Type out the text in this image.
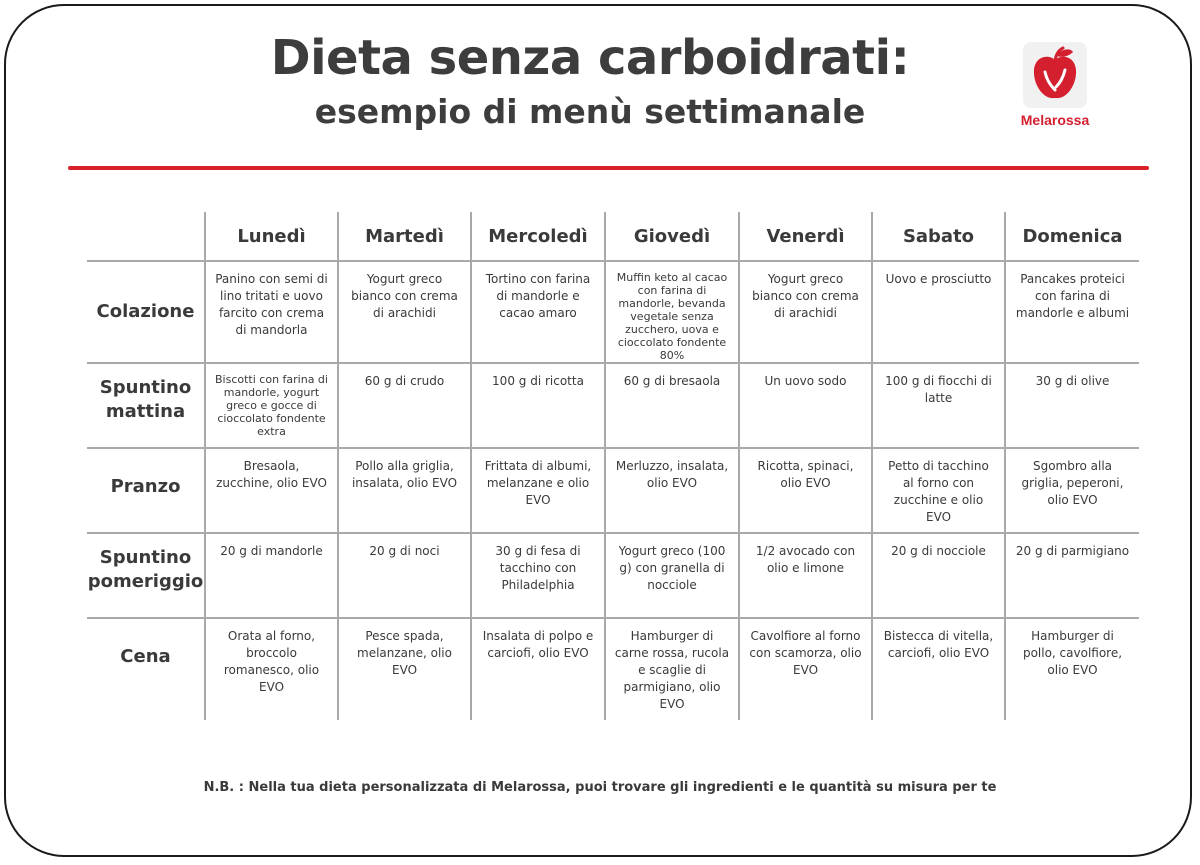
Dieta senza carboidrati:
esempio di menù settimanale	Melarossa
	Lunedì	Martedì	Mercoledì	Giovedì	Venerdì	Sabato	Domenica

Colazione	Panino con semi di lino tritati e uovo farcito con crema di mandorla	Yogurt greco bianco con crema di arachidi	Tortino con farina di mandorle e cacao amaro	Muffin keto al cacao con farina di mandorle, bevanda vegetale senza zucchero, uova e cioccolato fondente 80%	Yogurt greco bianco con crema di arachidi	Uovo e prosciutto	Pancakes proteici con farina di mandorle e albumi

Spuntino mattina	Biscotti con farina di mandorle, yogurt greco e gocce di cioccolato fondente extra	60 g di crudo	100 g di ricotta	60 g di bresaola	Un uovo sodo	100 g di fiocchi di latte	30 g di olive

Pranzo	Bresaola, zucchine, olio EVO	Pollo alla griglia, insalata, olio EVO	Frittata di albumi, melanzane e olio EVO	Merluzzo, insalata, olio EVO	Ricotta, spinaci, olio EVO	Petto di tacchino al forno con zucchine e olio EVO	Sgombro alla griglia, peperoni, olio EVO

Spuntino pomeriggio	20 g di mandorle	20 g di noci	30 g di fesa di tacchino con Philadelphia	Yogurt greco (100 g) con granella di nocciole	1/2 avocado con olio e limone	20 g di nocciole	20 g di parmigiano

Cena	Orata al forno, broccolo romanesco, olio EVO	Pesce spada, melanzane, olio EVO	Insalata di polpo e carciofi, olio EVO	Hamburger di carne rossa, rucola e scaglie di parmigiano, olio EVO	Cavolfiore al forno con scamorza, olio EVO	Bistecca di vitella, carciofi, olio EVO	Hamburger di pollo, cavolfiore, olio EVO
N.B. : Nella tua dieta personalizzata di Melarossa, puoi trovare gli ingredienti e le quantità su misura per te
